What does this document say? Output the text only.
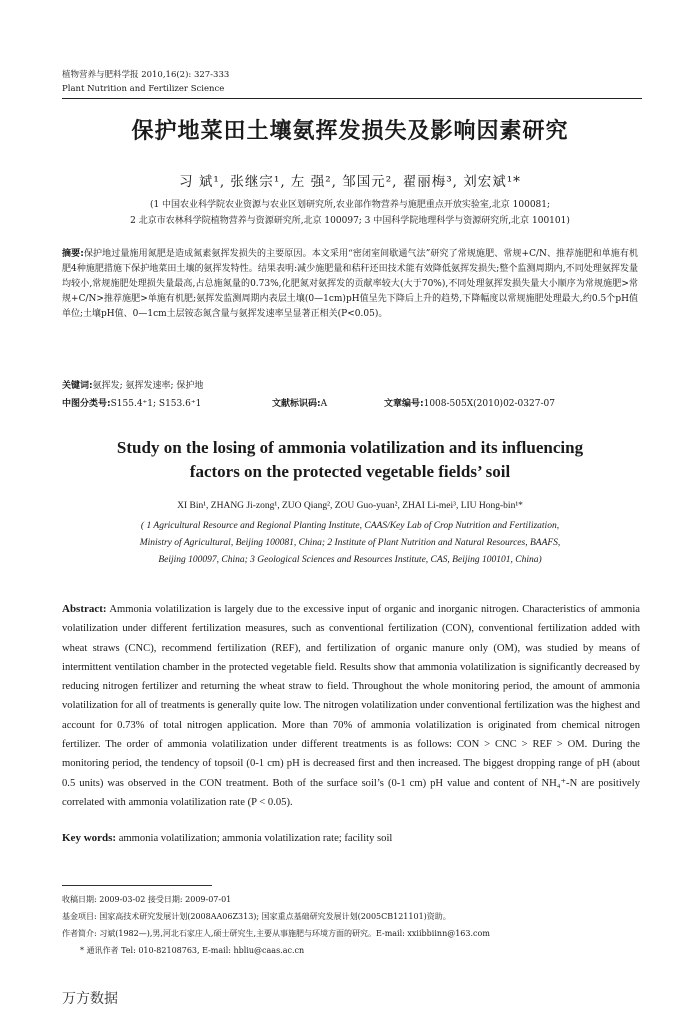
植物营养与肥料学报 2010,16(2): 327-333
Plant Nutrition and Fertilizer Science
保护地菜田土壤氨挥发损失及影响因素研究
习 斌¹, 张继宗¹, 左 强², 邹国元², 翟丽梅³, 刘宏斌¹*
(1 中国农业科学院农业资源与农业区划研究所,农业部作物营养与施肥重点开放实验室,北京 100081;
2 北京市农林科学院植物营养与资源研究所,北京 100097; 3 中国科学院地理科学与资源研究所,北京 100101)
摘要:保护地过量施用氮肥是造成氮素氨挥发损失的主要原因。本文采用“密闭室间歇通气法”研究了常规施肥、常规+C/N、推荐施肥和单施有机肥4种施肥措施下保护地菜田土壤的氨挥发特性。结果表明:减少施肥量和秸秆还田技术能有效降低氨挥发损失;整个监测周期内,不同处理氨挥发量均较小,常规施肥处理损失量最高,占总施氮量的0.73%,化肥氮对氨挥发的贡献率较大(大于70%),不同处理氨挥发损失量大小顺序为常规施肥>常规+C/N>推荐施肥>单施有机肥;氨挥发监测周期内表层土壤(0—1cm)pH值呈先下降后上升的趋势,下降幅度以常规施肥处理最大,约0.5个pH值单位;土壤pH值、0—1cm土层铵态氮含量与氨挥发速率呈显著正相关(P<0.05)。
关键词:氨挥发; 氨挥发速率; 保护地
中图分类号:S155.4⁺1; S153.6⁺1	文献标识码:A	文章编号:1008-505X(2010)02-0327-07
Study on the losing of ammonia volatilization and its influencing
factors on the protected vegetable fields’ soil
XI Bin¹, ZHANG Ji-zong¹, ZUO Qiang², ZOU Guo-yuan², ZHAI Li-mei³, LIU Hong-bin¹*
( 1 Agricultural Resource and Regional Planting Institute, CAAS/Key Lab of Crop Nutrition and Fertilization,
Ministry of Agricultural, Beijing 100081, China; 2 Institute of Plant Nutrition and Natural Resources, BAAFS,
Beijing 100097, China; 3 Geological Sciences and Resources Institute, CAS, Beijing 100101, China)
Abstract: Ammonia volatilization is largely due to the excessive input of organic and inorganic nitrogen. Characteristics of ammonia volatilization under different fertilization measures, such as conventional fertilization (CON), conventional fertilization added with wheat straws (CNC), recommend fertilization (REF), and fertilization of organic manure only (OM), was studied by means of intermittent ventilation chamber in the protected vegetable field. Results show that ammonia volatilization is significantly decreased by reducing nitrogen fertilizer and returning the wheat straw to field. Throughout the whole monitoring period, the amount of ammonia volatilization for all of treatments is generally quite low. The nitrogen volatilization under conventional fertilization was the highest and account for 0.73% of total nitrogen application. More than 70% of ammonia volatilization is originated from chemical nitrogen fertilizer. The order of ammonia volatilization under different treatments is as follows: CON > CNC > REF > OM. During the monitoring period, the tendency of topsoil (0-1 cm) pH is decreased first and then increased. The biggest dropping range of pH (about 0.5 units) was observed in the CON treatment. Both of the surface soil’s (0-1 cm) pH value and content of NH₄⁺-N are positively correlated with ammonia volatilization rate (P < 0.05).
Key words: ammonia volatilization; ammonia volatilization rate; facility soil
收稿日期: 2009-03-02 接受日期: 2009-07-01
基金项目: 国家高技术研究发展计划(2008AA06Z313); 国家重点基础研究发展计划(2005CB121101)资助。
作者简介: 习斌(1982—),男,河北石家庄人,硕士研究生,主要从事施肥与环境方面的研究。E-mail: xxiibbiinn@163.com
* 通讯作者 Tel: 010-82108763, E-mail: hbliu@caas.ac.cn
万方数据
